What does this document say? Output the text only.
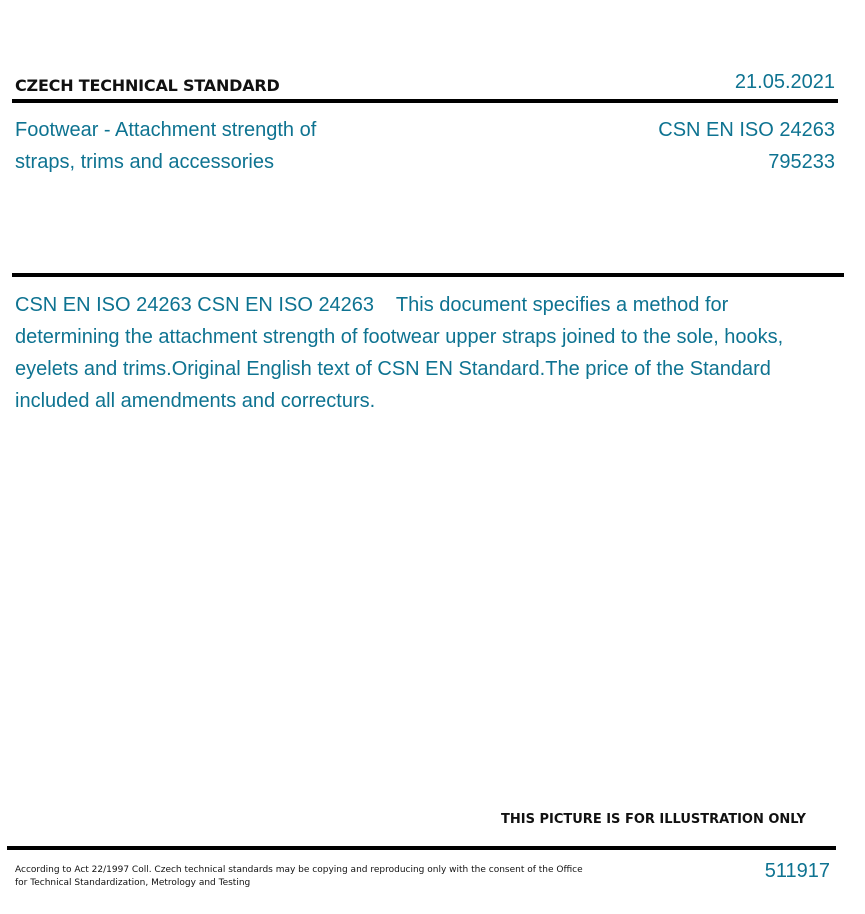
CZECH TECHNICAL STANDARD	21.05.2021
Footwear - Attachment strength of
straps, trims and accessories
CSN EN ISO 24263
795233
CSN EN ISO 24263 CSN EN ISO 24263    This document specifies a method for determining the attachment strength of footwear upper straps joined to the sole, hooks, eyelets and trims.Original English text of CSN EN Standard.The price of the Standard included all amendments and correcturs.
THIS PICTURE IS FOR ILLUSTRATION ONLY
According to Act 22/1997 Coll. Czech technical standards may be copying and reproducing only with the consent of the Office
for Technical Standardization, Metrology and Testing
511917
